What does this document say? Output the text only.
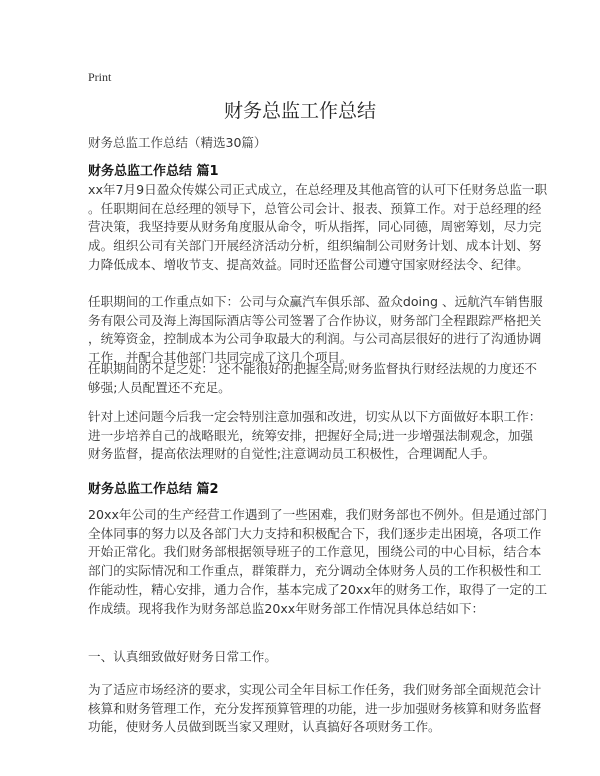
Print
财务总监工作总结
财务总监工作总结（精选30篇）
财务总监工作总结 篇1
xx年7月9日盈众传媒公司正式成立，在总经理及其他高管的认可下任财务总监一职
。任职期间在总经理的领导下，总管公司会计、报表、预算工作。对于总经理的经
营决策，我坚持要从财务角度服从命令，听从指挥，同心同德，周密筹划，尽力完
成。组织公司有关部门开展经济活动分析，组织编制公司财务计划、成本计划、努
力降低成本、增收节支、提高效益。同时还监督公司遵守国家财经法令、纪律。
任职期间的工作重点如下：公司与众赢汽车俱乐部、盈众doing 、远航汽车销售服
务有限公司及海上海国际酒店等公司签署了合作协议，财务部门全程跟踪严格把关
，统筹资金，控制成本为公司争取最大的利润。与公司高层很好的进行了沟通协调
工作，并配合其他部门共同完成了这几个项目。
任职期间的不足之处： 还不能很好的把握全局;财务监督执行财经法规的力度还不
够强;人员配置还不充足。
针对上述问题今后我一定会特别注意加强和改进，切实从以下方面做好本职工作：
进一步培养自己的战略眼光，统筹安排，把握好全局;进一步增强法制观念，加强
财务监督，提高依法理财的自觉性;注意调动员工积极性，合理调配人手。
财务总监工作总结 篇2
20xx年公司的生产经营工作遇到了一些困难，我们财务部也不例外。但是通过部门
全体同事的努力以及各部门大力支持和积极配合下，我们逐步走出困境，各项工作
开始正常化。我们财务部根据领导班子的工作意见，围绕公司的中心目标，结合本
部门的实际情况和工作重点，群策群力，充分调动全体财务人员的工作积极性和工
作能动性，精心安排，通力合作，基本完成了20xx年的财务工作，取得了一定的工
作成绩。现将我作为财务部总监20xx年财务部工作情况具体总结如下：
一、认真细致做好财务日常工作。
为了适应市场经济的要求，实现公司全年目标工作任务，我们财务部全面规范会计
核算和财务管理工作，充分发挥预算管理的功能，进一步加强财务核算和财务监督
功能，使财务人员做到既当家又理财，认真搞好各项财务工作。
